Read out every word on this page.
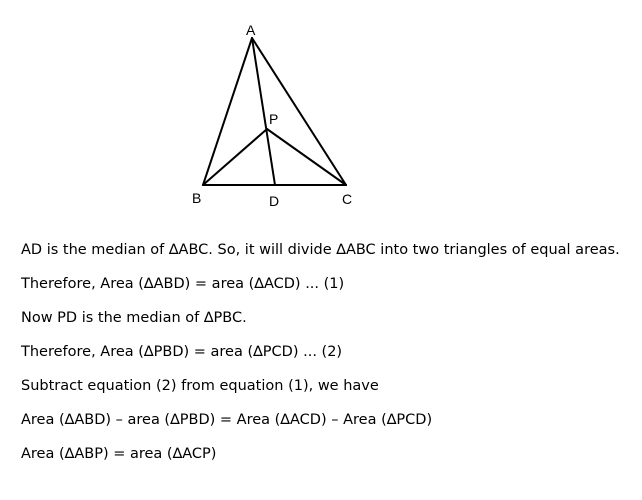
A
P
B	D	C

AD is the median of ∆ABC. So, it will divide ∆ABC into two triangles of equal areas.

Therefore, Area (∆ABD) = area (∆ACD) ... (1)

Now PD is the median of ∆PBC.

Therefore, Area (∆PBD) = area (∆PCD) ... (2)

Subtract equation (2) from equation (1), we have

Area (∆ABD) – area (∆PBD) = Area (∆ACD) – Area (∆PCD)

Area (∆ABP) = area (∆ACP)
